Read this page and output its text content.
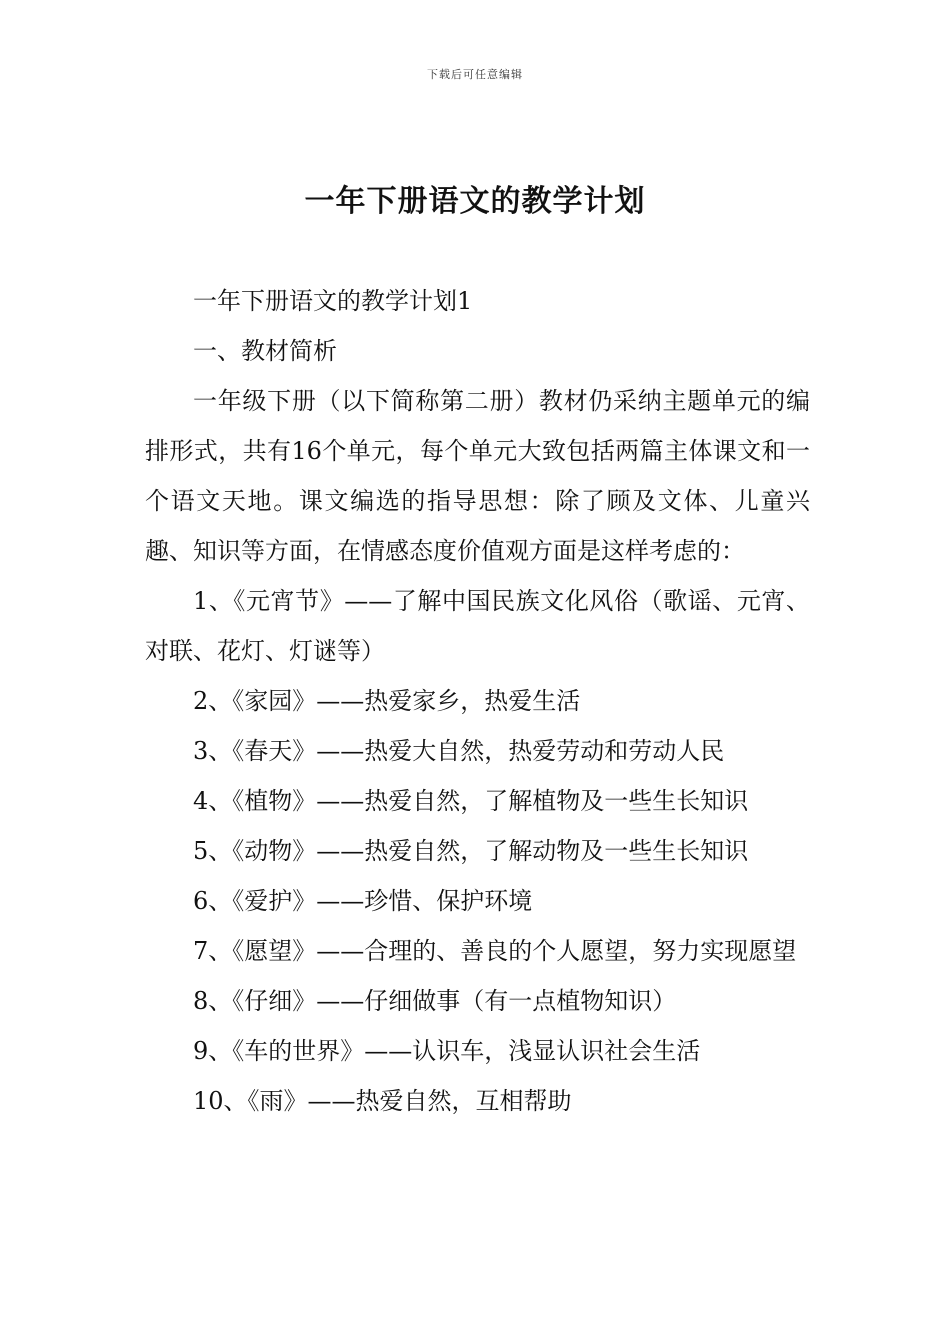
下载后可任意编辑
一年下册语文的教学计划

一年下册语文的教学计划1

一、教材简析

一年级下册（以下简称第二册）教材仍采纳主题单元的编排形式，共有16个单元，每个单元大致包括两篇主体课文和一个语文天地。课文编选的指导思想：除了顾及文体、儿童兴趣、知识等方面，在情感态度价值观方面是这样考虑的：

1、《元宵节》——了解中国民族文化风俗（歌谣、元宵、对联、花灯、灯谜等）

2、《家园》——热爱家乡，热爱生活

3、《春天》——热爱大自然，热爱劳动和劳动人民

4、《植物》——热爱自然，了解植物及一些生长知识

5、《动物》——热爱自然，了解动物及一些生长知识

6、《爱护》——珍惜、保护环境

7、《愿望》——合理的、善良的个人愿望，努力实现愿望

8、《仔细》——仔细做事（有一点植物知识）

9、《车的世界》——认识车，浅显认识社会生活

10、《雨》——热爱自然，互相帮助
